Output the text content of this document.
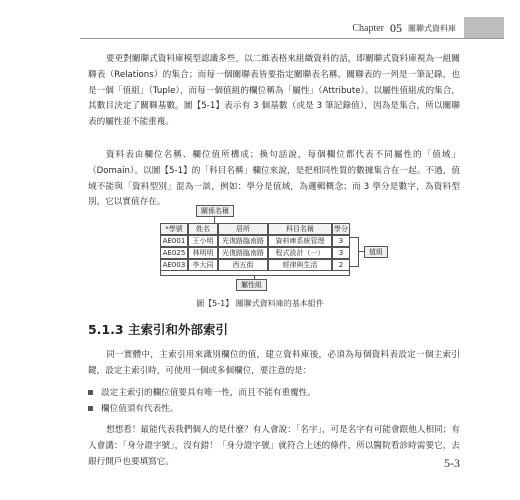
Chapter 05 關聯式資料庫

要更對關聯式資料庫模型認識多些，以二維表格來組織資料的話，即關聯式資料庫視為一組關聯表（Relations）的集合；而每一個關聯表皆要指定關聯表名稱。關聯表的一列是一筆記錄，也是一個「值組」（Tuple），而每一個值組的欄位稱為「屬性」（Attribute）。以屬性值組成的集合，其數目決定了關聯基數。圖【5-1】表示有 3 個基數（或是 3 筆記錄值），因為是集合，所以關聯表的屬性並不能重複。

資料表由欄位名稱、欄位值所構成；換句話說，每個欄位都代表不同屬性的「值域」（Domain）。以圖【5-1】的「科目名稱」欄位來說，是把相同性質的數據集合在一起。不過，值域不能與「資料型別」混為一談，例如：學分是值域，為邏輯概念；而 3 學分是數字，為資料型別，它以實值存在。

關係名稱
*學號	姓名	居所	科目名稱	學分
AE001	王小明	光復路臨南路	資料庫系統管理	3
AE025	林明明	光復路臨南路	程式設計（一）	3
AE003	李大同	西五街	經律與生活	2
值組
屬性組
圖【5-1】 關聯式資料庫的基本組件
5.1.3 主索引和外部索引

同一實體中，主索引用來識別欄位的值，建立資料庫後，必須為每個資料表設定一個主索引鍵，設定主索引時，可使用一個或多個欄位，要注意的是：

設定主索引的欄位值要具有唯一性，而且不能有重覆性。
欄位值須有代表性。

想想看！最能代表我們個人的是什麼？有人會說：「名字」，可是名字有可能會跟他人相同；有人會講：「身分證字號」，沒有錯！「身分證字號」就符合上述的條件，所以醫院看診時需要它，去銀行開戶也要填寫它。	5-3
